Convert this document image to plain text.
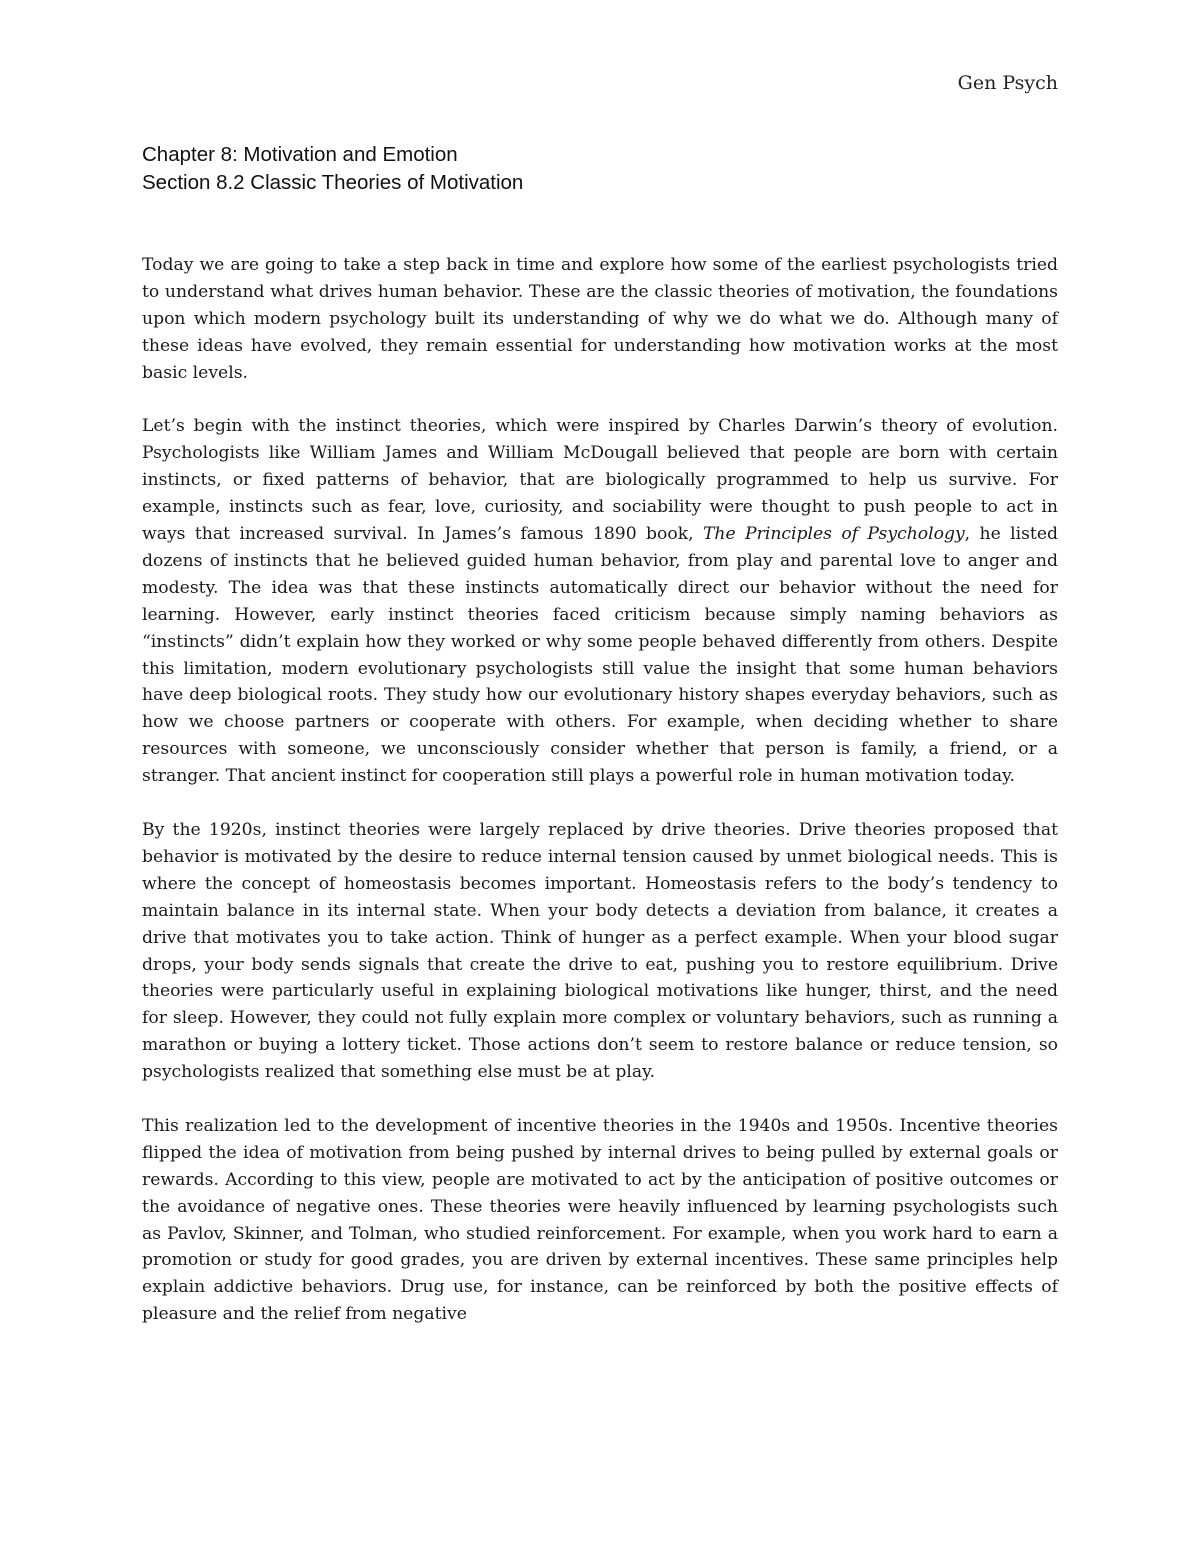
Gen Psych
Chapter 8: Motivation and Emotion
Section 8.2 Classic Theories of Motivation

Today we are going to take a step back in time and explore how some of the earliest psychologists tried to understand what drives human behavior. These are the classic theories of motivation, the foundations upon which modern psychology built its understanding of why we do what we do. Although many of these ideas have evolved, they remain essential for understanding how motivation works at the most basic levels.

Let’s begin with the instinct theories, which were inspired by Charles Darwin’s theory of evolution. Psychologists like William James and William McDougall believed that people are born with certain instincts, or fixed patterns of behavior, that are biologically programmed to help us survive. For example, instincts such as fear, love, curiosity, and sociability were thought to push people to act in ways that increased survival. In James’s famous 1890 book, The Principles of Psychology, he listed dozens of instincts that he believed guided human behavior, from play and parental love to anger and modesty. The idea was that these instincts automatically direct our behavior without the need for learning. However, early instinct theories faced criticism because simply naming behaviors as “instincts” didn’t explain how they worked or why some people behaved differently from others. Despite this limitation, modern evolutionary psychologists still value the insight that some human behaviors have deep biological roots. They study how our evolutionary history shapes everyday behaviors, such as how we choose partners or cooperate with others. For example, when deciding whether to share resources with someone, we unconsciously consider whether that person is family, a friend, or a stranger. That ancient instinct for cooperation still plays a powerful role in human motivation today.

By the 1920s, instinct theories were largely replaced by drive theories. Drive theories proposed that behavior is motivated by the desire to reduce internal tension caused by unmet biological needs. This is where the concept of homeostasis becomes important. Homeostasis refers to the body’s tendency to maintain balance in its internal state. When your body detects a deviation from balance, it creates a drive that motivates you to take action. Think of hunger as a perfect example. When your blood sugar drops, your body sends signals that create the drive to eat, pushing you to restore equilibrium. Drive theories were particularly useful in explaining biological motivations like hunger, thirst, and the need for sleep. However, they could not fully explain more complex or voluntary behaviors, such as running a marathon or buying a lottery ticket. Those actions don’t seem to restore balance or reduce tension, so psychologists realized that something else must be at play.

This realization led to the development of incentive theories in the 1940s and 1950s. Incentive theories flipped the idea of motivation from being pushed by internal drives to being pulled by external goals or rewards. According to this view, people are motivated to act by the anticipation of positive outcomes or the avoidance of negative ones. These theories were heavily influenced by learning psychologists such as Pavlov, Skinner, and Tolman, who studied reinforcement. For example, when you work hard to earn a promotion or study for good grades, you are driven by external incentives. These same principles help explain addictive behaviors. Drug use, for instance, can be reinforced by both the positive effects of pleasure and the relief from negative
